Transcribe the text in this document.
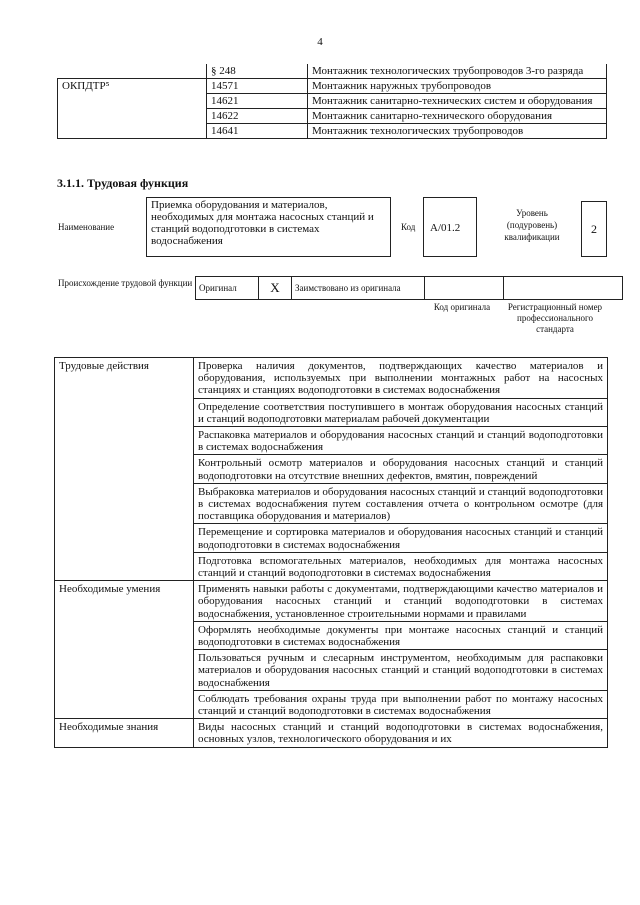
4
	§ 248	Монтажник технологических трубопроводов 3-го разряда
ОКПДТР⁵	14571	Монтажник наружных трубопроводов
	14621	Монтажник санитарно-технических систем и оборудования
	14622	Монтажник санитарно-технического оборудования
	14641	Монтажник технологических трубопроводов
3.1.1. Трудовая функция
Наименование
Приемка оборудования и материалов, необходимых для монтажа насосных станций и станций водоподготовки в системах водоснабжения
Код	А/01.2
Уровень (подуровень) квалификации
2
Происхождение трудовой функции Оригинал	X	Заимствовано из оригинала		
Код оригинала	Регистрационный номер профессионального стандарта
Трудовые действия	Проверка наличия документов, подтверждающих качество материалов и оборудования, используемых при выполнении монтажных работ на насосных станциях и станциях водоподготовки в системах водоснабжения
	Определение соответствия поступившего в монтаж оборудования насосных станций и станций водоподготовки материалам рабочей документации
	Распаковка материалов и оборудования насосных станций и станций водоподготовки в системах водоснабжения
	Контрольный осмотр материалов и оборудования насосных станций и станций водоподготовки на отсутствие внешних дефектов, вмятин, повреждений
	Выбраковка материалов и оборудования насосных станций и станций водоподготовки в системах водоснабжения путем составления отчета о контрольном осмотре (для поставщика оборудования и материалов)
	Перемещение и сортировка материалов и оборудования насосных станций и станций водоподготовки в системах водоснабжения
	Подготовка вспомогательных материалов, необходимых для монтажа насосных станций и станций водоподготовки в системах водоснабжения
Необходимые умения	Применять навыки работы с документами, подтверждающими качество материалов и оборудования насосных станций и станций водоподготовки в системах водоснабжения, установленное строительными нормами и правилами
	Оформлять необходимые документы при монтаже насосных станций и станций водоподготовки в системах водоснабжения
	Пользоваться ручным и слесарным инструментом, необходимым для распаковки материалов и оборудования насосных станций и станций водоподготовки в системах водоснабжения
	Соблюдать требования охраны труда при выполнении работ по монтажу насосных станций и станций водоподготовки в системах водоснабжения
Необходимые знания	Виды насосных станций и станций водоподготовки в системах водоснабжения, основных узлов, технологического оборудования и их
